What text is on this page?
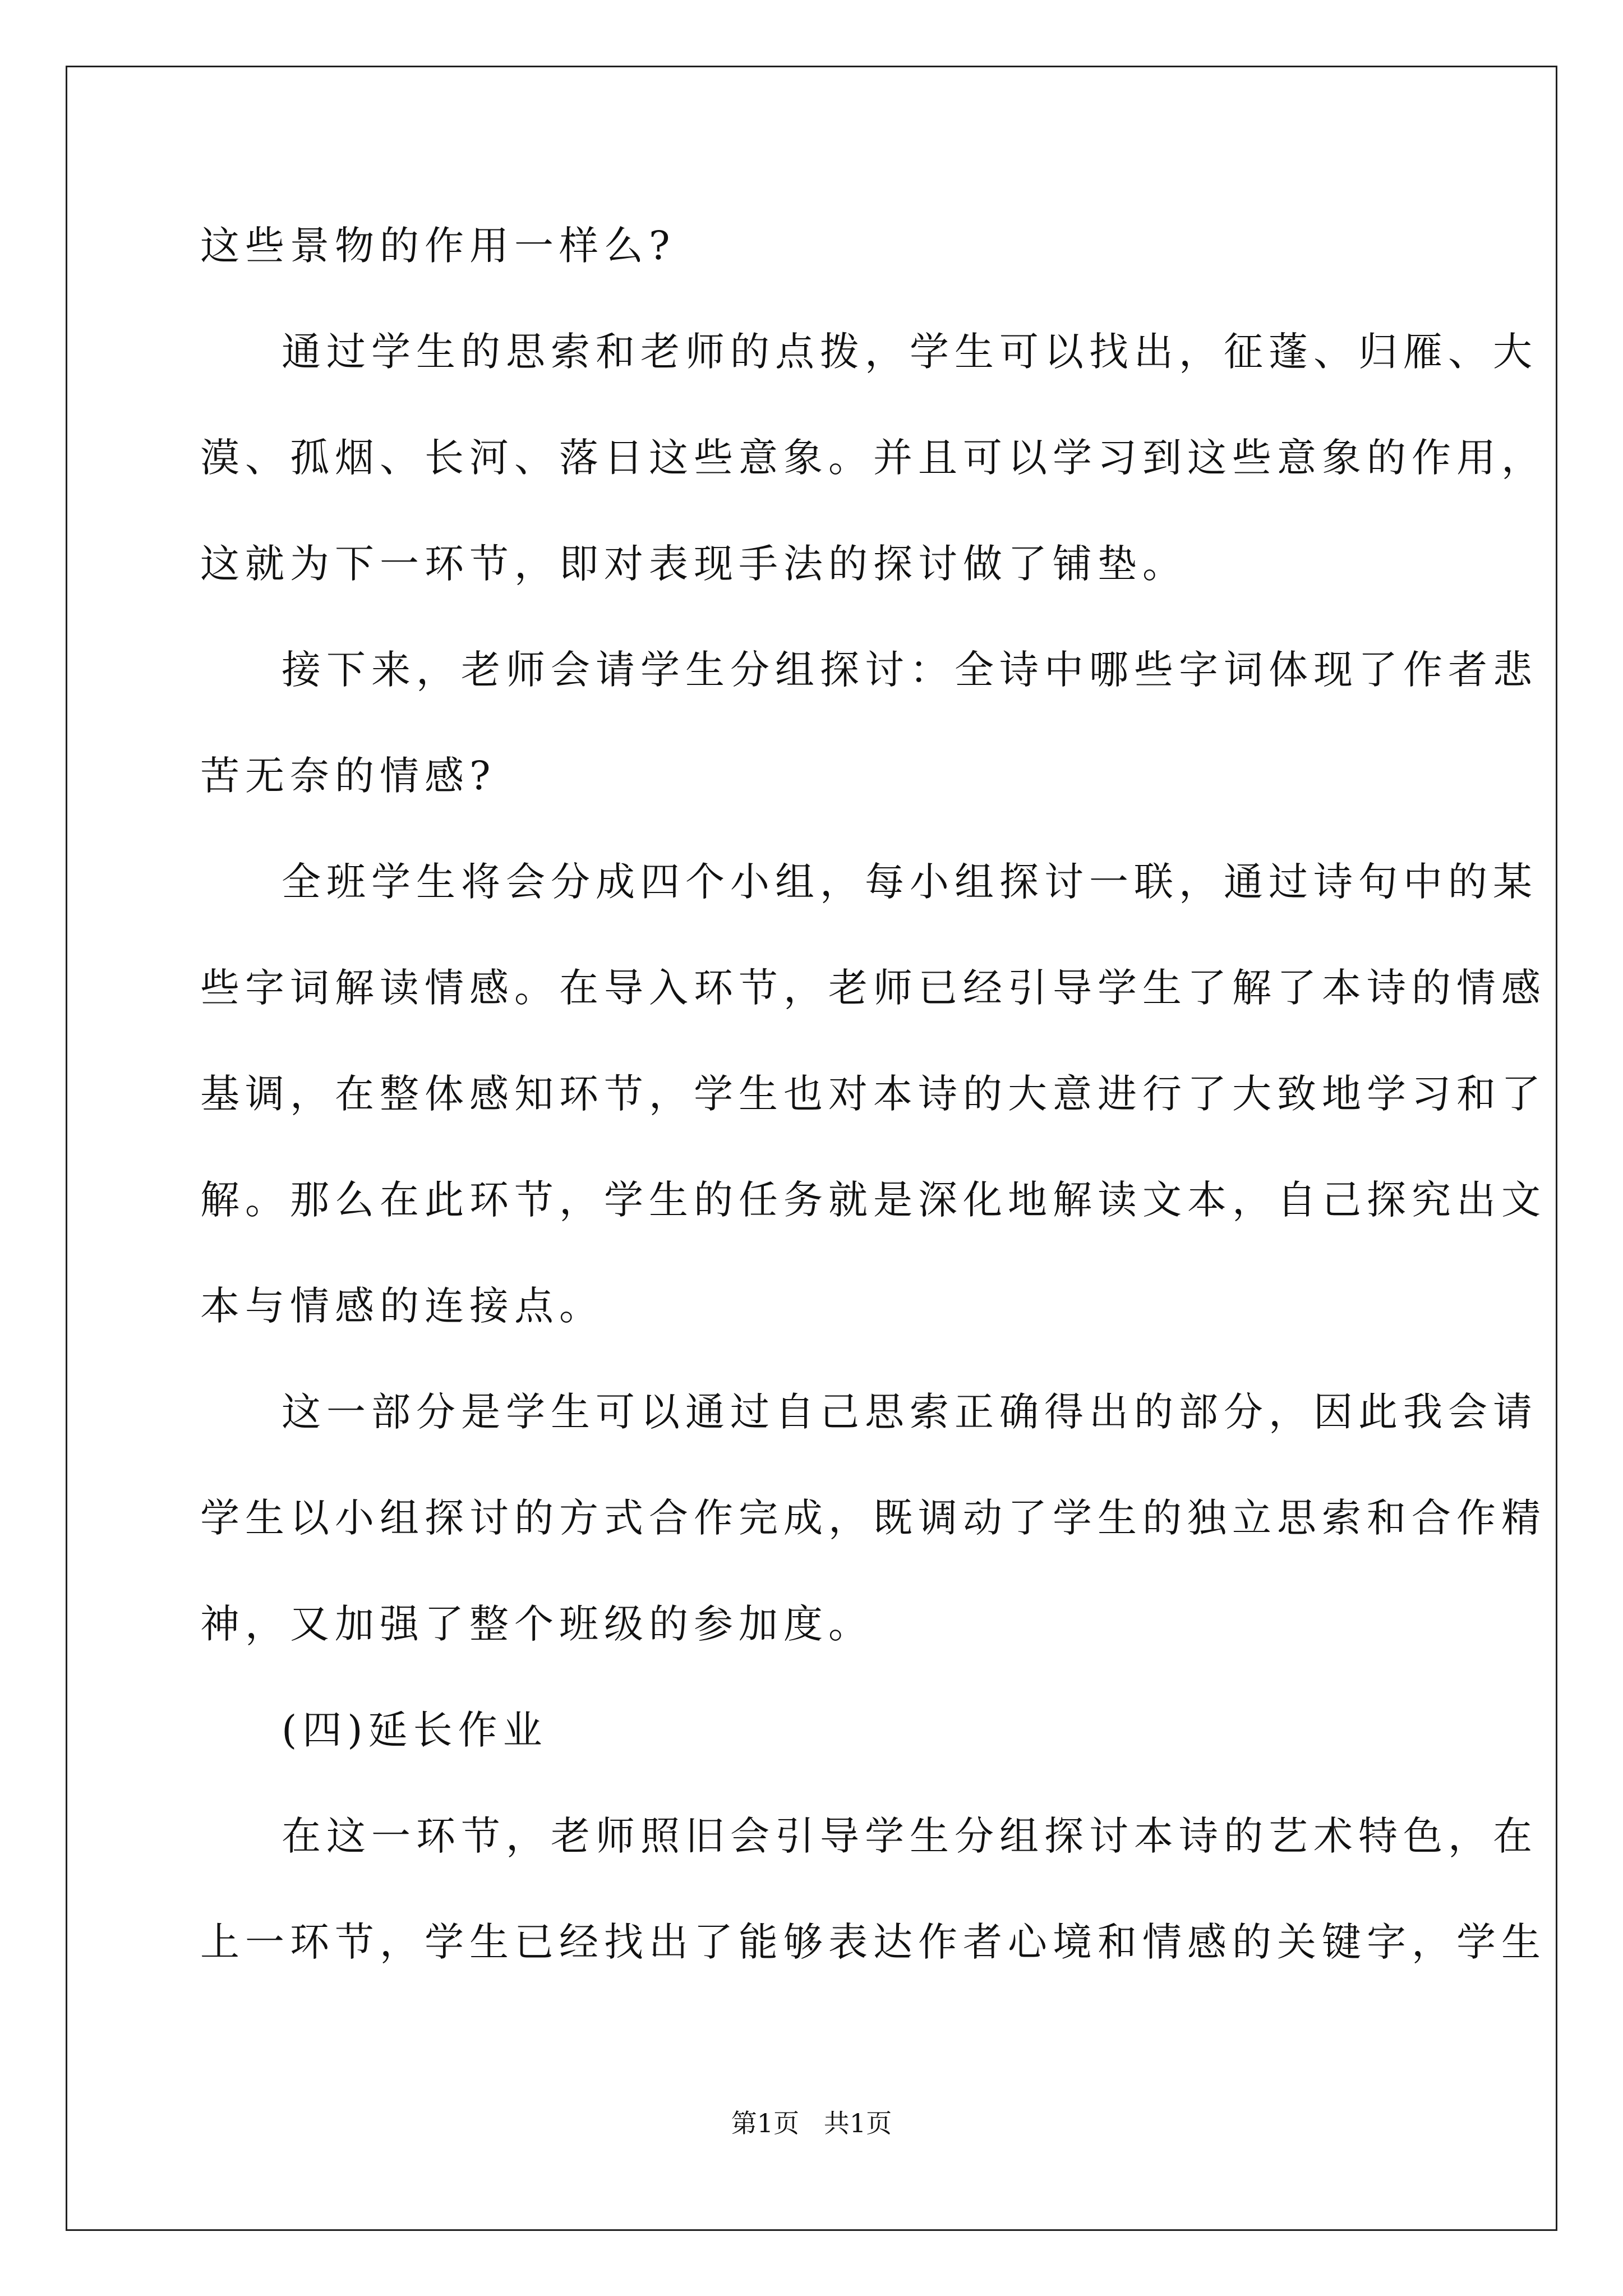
这些景物的作用一样么?
通过学生的思索和老师的点拨，学生可以找出，征蓬、归雁、大
漠、孤烟、长河、落日这些意象。并且可以学习到这些意象的作用，
这就为下一环节，即对表现手法的探讨做了铺垫。
接下来，老师会请学生分组探讨：全诗中哪些字词体现了作者悲
苦无奈的情感?
全班学生将会分成四个小组，每小组探讨一联，通过诗句中的某
些字词解读情感。在导入环节，老师已经引导学生了解了本诗的情感
基调，在整体感知环节，学生也对本诗的大意进行了大致地学习和了
解。那么在此环节，学生的任务就是深化地解读文本，自己探究出文
本与情感的连接点。
这一部分是学生可以通过自己思索正确得出的部分，因此我会请
学生以小组探讨的方式合作完成，既调动了学生的独立思索和合作精
神，又加强了整个班级的参加度。
(四)延长作业
在这一环节，老师照旧会引导学生分组探讨本诗的艺术特色，在
上一环节，学生已经找出了能够表达作者心境和情感的关键字，学生
第1页   共1页
